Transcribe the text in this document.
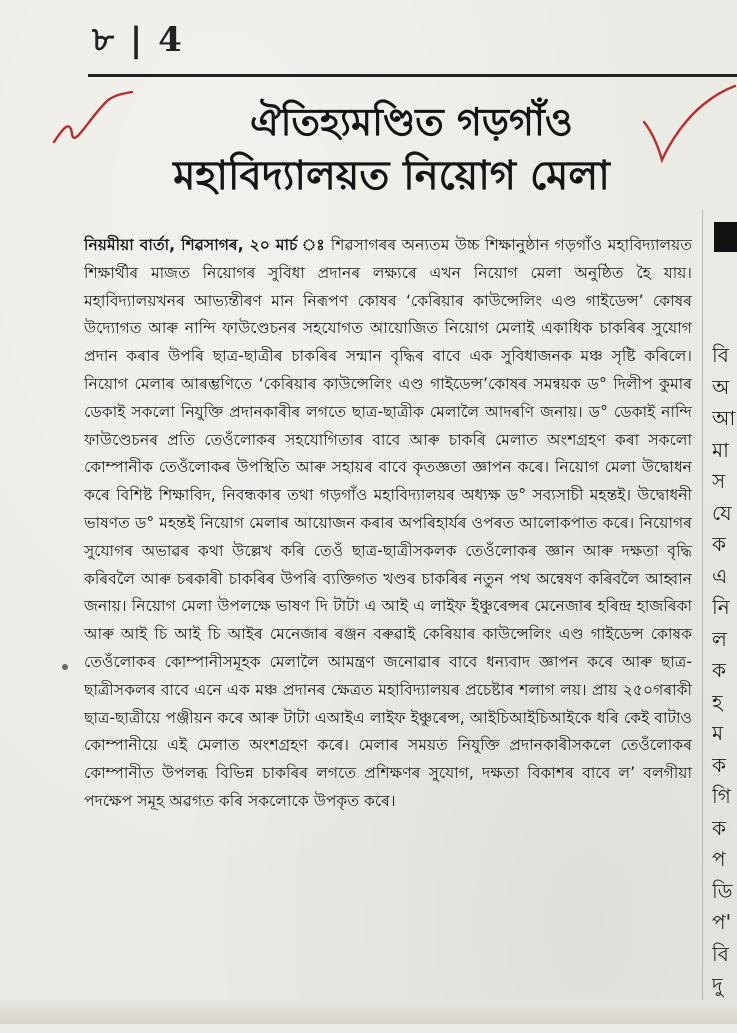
৮ | 4
ঐতিহ্যমণ্ডিত গড়গাঁও
মহাবিদ্যালয়ত নিয়োগ মেলা
নিয়মীয়া বাৰ্তা, শিৱসাগৰ, ২০ মাৰ্চ ঃ শিৱসাগৰৰ অন্যতম উচ্চ শিক্ষানুষ্ঠান গড়গাঁও মহাবিদ্যালয়ত শিক্ষাৰ্থীৰ মাজত নিয়োগৰ সুবিধা প্ৰদানৰ লক্ষ্যৰে এখন নিয়োগ মেলা অনুষ্ঠিত হৈ যায়। মহাবিদ্যালয়খনৰ আভ্যন্তীৰণ মান নিৰূপণ কোষৰ ‘কেৰিয়াৰ কাউন্সেলিং এণ্ড গাইডেন্স’ কোষৰ উদ্যোগত আৰু নান্দি ফাউণ্ডেচনৰ সহযোগত আয়োজিত নিয়োগ মেলাই একাধিক চাকৰিৰ সুযোগ প্ৰদান কৰাৰ উপৰি ছাত্ৰ-ছাত্ৰীৰ চাকৰিৰ সন্মান বৃদ্ধিৰ বাবে এক সুবিধাজনক মঞ্চ সৃষ্টি কৰিলে। নিয়োগ মেলাৰ আৰম্ভণিতে ‘কেৰিয়াৰ কাউন্সেলিং এণ্ড গাইডেন্স’কোষৰ সমন্বয়ক ড° দিলীপ কুমাৰ ডেকাই সকলো নিযুক্তি প্ৰদানকাৰীৰ লগতে ছাত্ৰ-ছাত্ৰীক মেলালৈ আদৰণি জনায়। ড° ডেকাই নান্দি ফাউণ্ডেচনৰ প্ৰতি তেওঁলোকৰ সহযোগিতাৰ বাবে আৰু চাকৰি মেলাত অংশগ্ৰহণ কৰা সকলো কোম্পানীক তেওঁলোকৰ উপস্থিতি আৰু সহায়ৰ বাবে কৃতজ্ঞতা জ্ঞাপন কৰে। নিয়োগ মেলা উদ্বোধন কৰে বিশিষ্ট শিক্ষাবিদ, নিবন্ধকাৰ তথা গড়গাঁও মহাবিদ্যালয়ৰ অধ্যক্ষ ড° সব্যসাচী মহন্তই। উদ্বোধনী ভাষণত ড° মহন্তই নিয়োগ মেলাৰ আয়োজন কৰাৰ অপৰিহাৰ্যৰ ওপৰত আলোকপাত কৰে। নিয়োগৰ সুযোগৰ অভাৱৰ কথা উল্লেখ কৰি তেওঁ ছাত্ৰ-ছাত্ৰীসকলক তেওঁলোকৰ জ্ঞান আৰু দক্ষতা বৃদ্ধি কৰিবলৈ আৰু চৰকাৰী চাকৰিৰ উপৰি ব্যক্তিগত খণ্ডৰ চাকৰিৰ নতুন পথ অন্বেষণ কৰিবলৈ আহ্বান জনায়। নিয়োগ মেলা উপলক্ষে ভাষণ দি টাটা এ আই এ লাইফ ইঞ্চুৰেন্সৰ মেনেজাৰ হৰিন্দ্ৰ হাজৰিকা আৰু আই চি আই চি আইৰ মেনেজাৰ ৰঞ্জন বৰুৱাই কেৰিয়াৰ কাউন্সেলিং এণ্ড গাইডেন্স কোষক তেওঁলোকৰ কোম্পানীসমূহক মেলালৈ আমন্ত্ৰণ জনোৱাৰ বাবে ধন্যবাদ জ্ঞাপন কৰে আৰু ছাত্ৰ-ছাত্ৰীসকলৰ বাবে এনে এক মঞ্চ প্ৰদানৰ ক্ষেত্ৰত মহাবিদ্যালয়ৰ প্ৰচেষ্টাৰ শলাগ লয়। প্ৰায় ২৫০গৰাকী ছাত্ৰ-ছাত্ৰীয়ে পঞ্জীয়ন কৰে আৰু টাটা এআইএ লাইফ ইঞ্চুৰেন্স, আইচিআইচিআইকে ধৰি কেই বাটাও কোম্পানীয়ে এই মেলাত অংশগ্ৰহণ কৰে। মেলাৰ সময়ত নিযুক্তি প্ৰদানকাৰীসকলে তেওঁলোকৰ কোম্পানীত উপলব্ধ বিভিন্ন চাকৰিৰ লগতে প্ৰশিক্ষণৰ সুযোগ, দক্ষতা বিকাশৰ বাবে ল’ বলগীয়া পদক্ষেপ সমূহ অৱগত কৰি সকলোকে উপকৃত কৰে।
বি
অ
আ
মা
স
যে
ক
এ
নি
ল
ক
হ
ম
ক
গি
ক
প
ডি
প'
বি
দু
